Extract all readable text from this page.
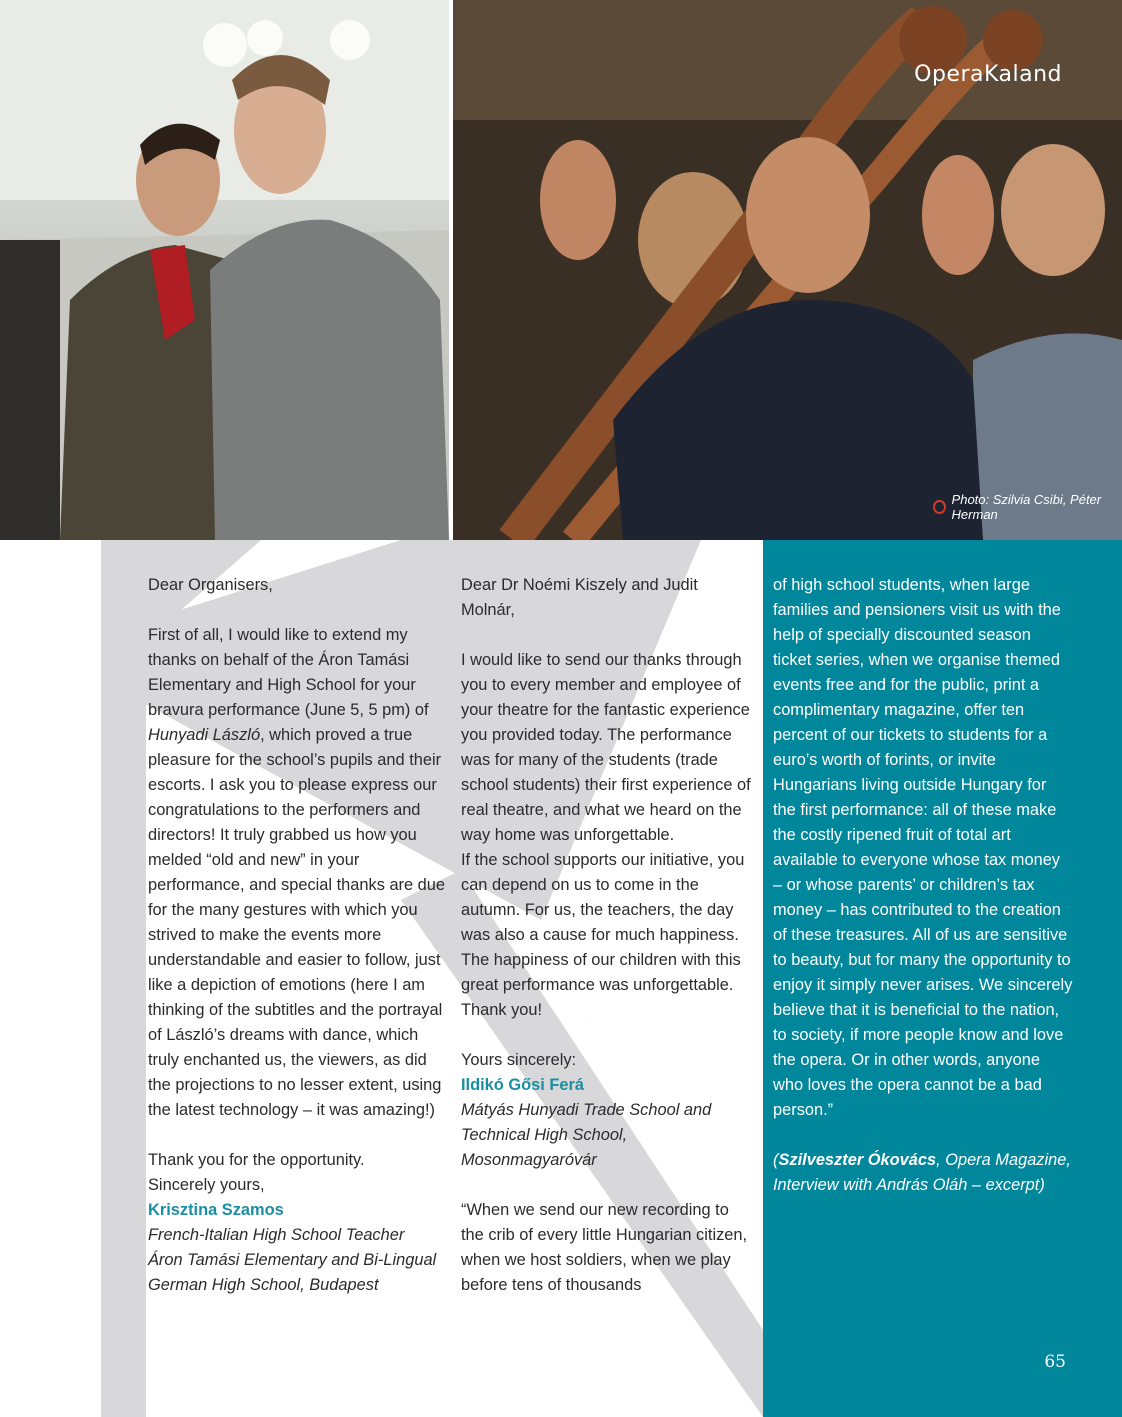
OperaKaland
Photo: Szilvia Csibi, Péter Herman

Dear Organisers,

First of all, I would like to extend my thanks on behalf of the Áron Tamási Elementary and High School for your bravura performance (June 5, 5 pm) of Hunyadi László, which proved a true pleasure for the school’s pupils and their escorts. I ask you to please express our congratulations to the performers and directors! It truly grabbed us how you melded “old and new” in your performance, and special thanks are due for the many gestures with which you strived to make the events more understandable and easier to follow, just like a depiction of emotions (here I am thinking of the subtitles and the portrayal of László’s dreams with dance, which truly enchanted us, the viewers, as did the projections to no lesser extent, using the latest technology – it was amazing!)

Thank you for the opportunity.

Sincerely yours,

Krisztina Szamos

French-Italian High School Teacher

Áron Tamási Elementary and Bi-Lingual German High School, Budapest

Dear Dr Noémi Kiszely and Judit Molnár,

I would like to send our thanks through you to every member and employee of your theatre for the fantastic experience you provided today. The performance was for many of the students (trade school students) their first experience of real theatre, and what we heard on the way home was unforgettable.

If the school supports our initiative, you can depend on us to come in the autumn. For us, the teachers, the day was also a cause for much happiness. The happiness of our children with this great performance was unforgettable. Thank you!

Yours sincerely:

Ildikó Gősi Ferá

Mátyás Hunyadi Trade School and Technical High School, Mosonmagyaróvár

“When we send our new recording to the crib of every little Hungarian citizen, when we host soldiers, when we play before tens of thousands

of high school students, when large families and pensioners visit us with the help of specially discounted season ticket series, when we organise themed events free and for the public, print a complimentary magazine, offer ten percent of our tickets to students for a euro’s worth of forints, or invite Hungarians living outside Hungary for the first performance: all of these make the costly ripened fruit of total art available to everyone whose tax money – or whose parents’ or children’s tax money – has contributed to the creation of these treasures. All of us are sensitive to beauty, but for many the opportunity to enjoy it simply never arises. We sincerely believe that it is beneficial to the nation, to society, if more people know and love the opera. Or in other words, anyone who loves the opera cannot be a bad person.”

(Szilveszter Ókovács, Opera Magazine, Interview with András Oláh – excerpt)

65
